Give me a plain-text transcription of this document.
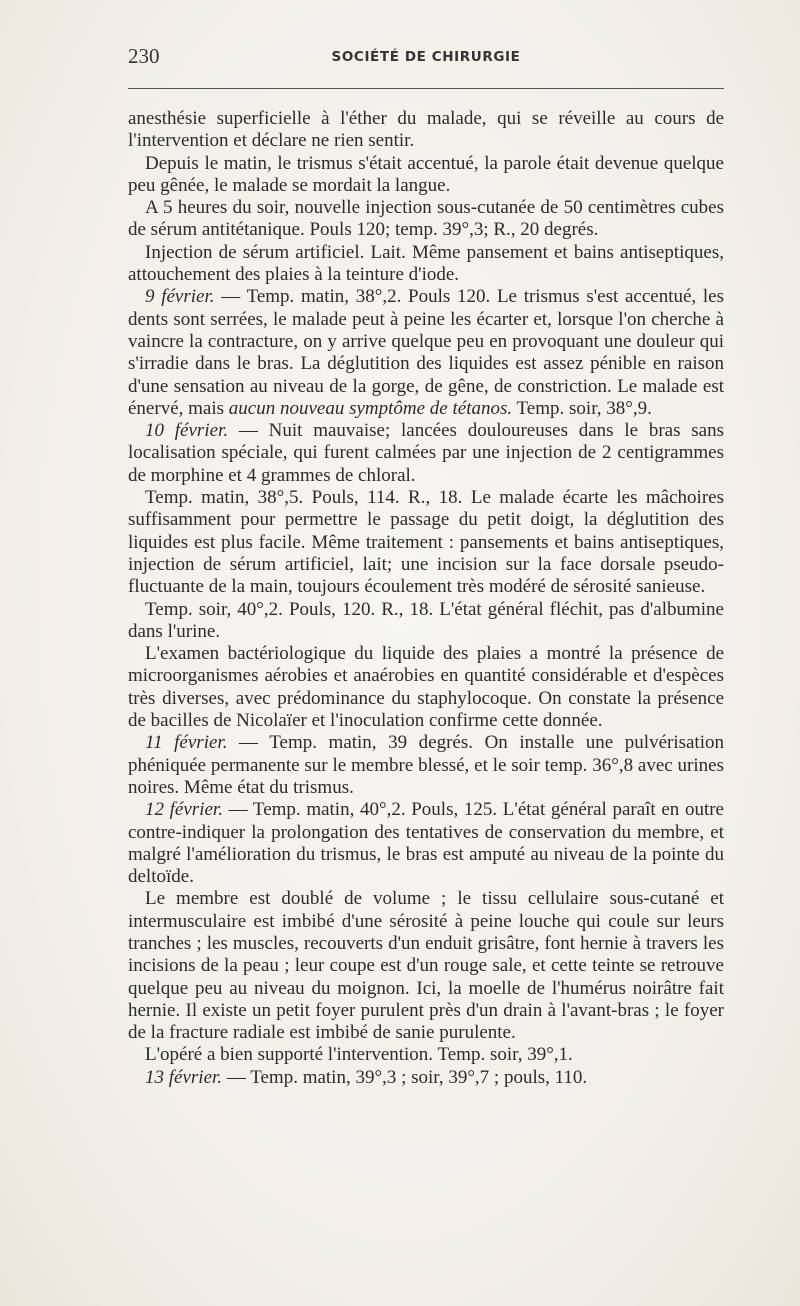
230	SOCIÉTÉ DE CHIRURGIE

anesthésie superficielle à l'éther du malade, qui se réveille au cours de l'intervention et déclare ne rien sentir.

Depuis le matin, le trismus s'était accentué, la parole était devenue quelque peu gênée, le malade se mordait la langue.

A 5 heures du soir, nouvelle injection sous-cutanée de 50 centimètres cubes de sérum antitétanique. Pouls 120; temp. 39°,3; R., 20 degrés.

Injection de sérum artificiel. Lait. Même pansement et bains antiseptiques, attouchement des plaies à la teinture d'iode.

9 février. — Temp. matin, 38°,2. Pouls 120. Le trismus s'est accentué, les dents sont serrées, le malade peut à peine les écarter et, lorsque l'on cherche à vaincre la contracture, on y arrive quelque peu en provoquant une douleur qui s'irradie dans le bras. La déglutition des liquides est assez pénible en raison d'une sensation au niveau de la gorge, de gêne, de constriction. Le malade est énervé, mais aucun nouveau symptôme de tétanos. Temp. soir, 38°,9.

10 février. — Nuit mauvaise; lancées douloureuses dans le bras sans localisation spéciale, qui furent calmées par une injection de 2 centigrammes de morphine et 4 grammes de chloral.

Temp. matin, 38°,5. Pouls, 114. R., 18. Le malade écarte les mâchoires suffisamment pour permettre le passage du petit doigt, la déglutition des liquides est plus facile. Même traitement : pansements et bains antiseptiques, injection de sérum artificiel, lait; une incision sur la face dorsale pseudo-fluctuante de la main, toujours écoulement très modéré de sérosité sanieuse.

Temp. soir, 40°,2. Pouls, 120. R., 18. L'état général fléchit, pas d'albumine dans l'urine.

L'examen bactériologique du liquide des plaies a montré la présence de microorganismes aérobies et anaérobies en quantité considérable et d'espèces très diverses, avec prédominance du staphylocoque. On constate la présence de bacilles de Nicolaïer et l'inoculation confirme cette donnée.

11 février. — Temp. matin, 39 degrés. On installe une pulvérisation phéniquée permanente sur le membre blessé, et le soir temp. 36°,8 avec urines noires. Même état du trismus.

12 février. — Temp. matin, 40°,2. Pouls, 125. L'état général paraît en outre contre-indiquer la prolongation des tentatives de conservation du membre, et malgré l'amélioration du trismus, le bras est amputé au niveau de la pointe du deltoïde.

Le membre est doublé de volume ; le tissu cellulaire sous-cutané et intermusculaire est imbibé d'une sérosité à peine louche qui coule sur leurs tranches ; les muscles, recouverts d'un enduit grisâtre, font hernie à travers les incisions de la peau ; leur coupe est d'un rouge sale, et cette teinte se retrouve quelque peu au niveau du moignon. Ici, la moelle de l'humérus noirâtre fait hernie. Il existe un petit foyer purulent près d'un drain à l'avant-bras ; le foyer de la fracture radiale est imbibé de sanie purulente.

L'opéré a bien supporté l'intervention. Temp. soir, 39°,1.

13 février. — Temp. matin, 39°,3 ; soir, 39°,7 ; pouls, 110.
